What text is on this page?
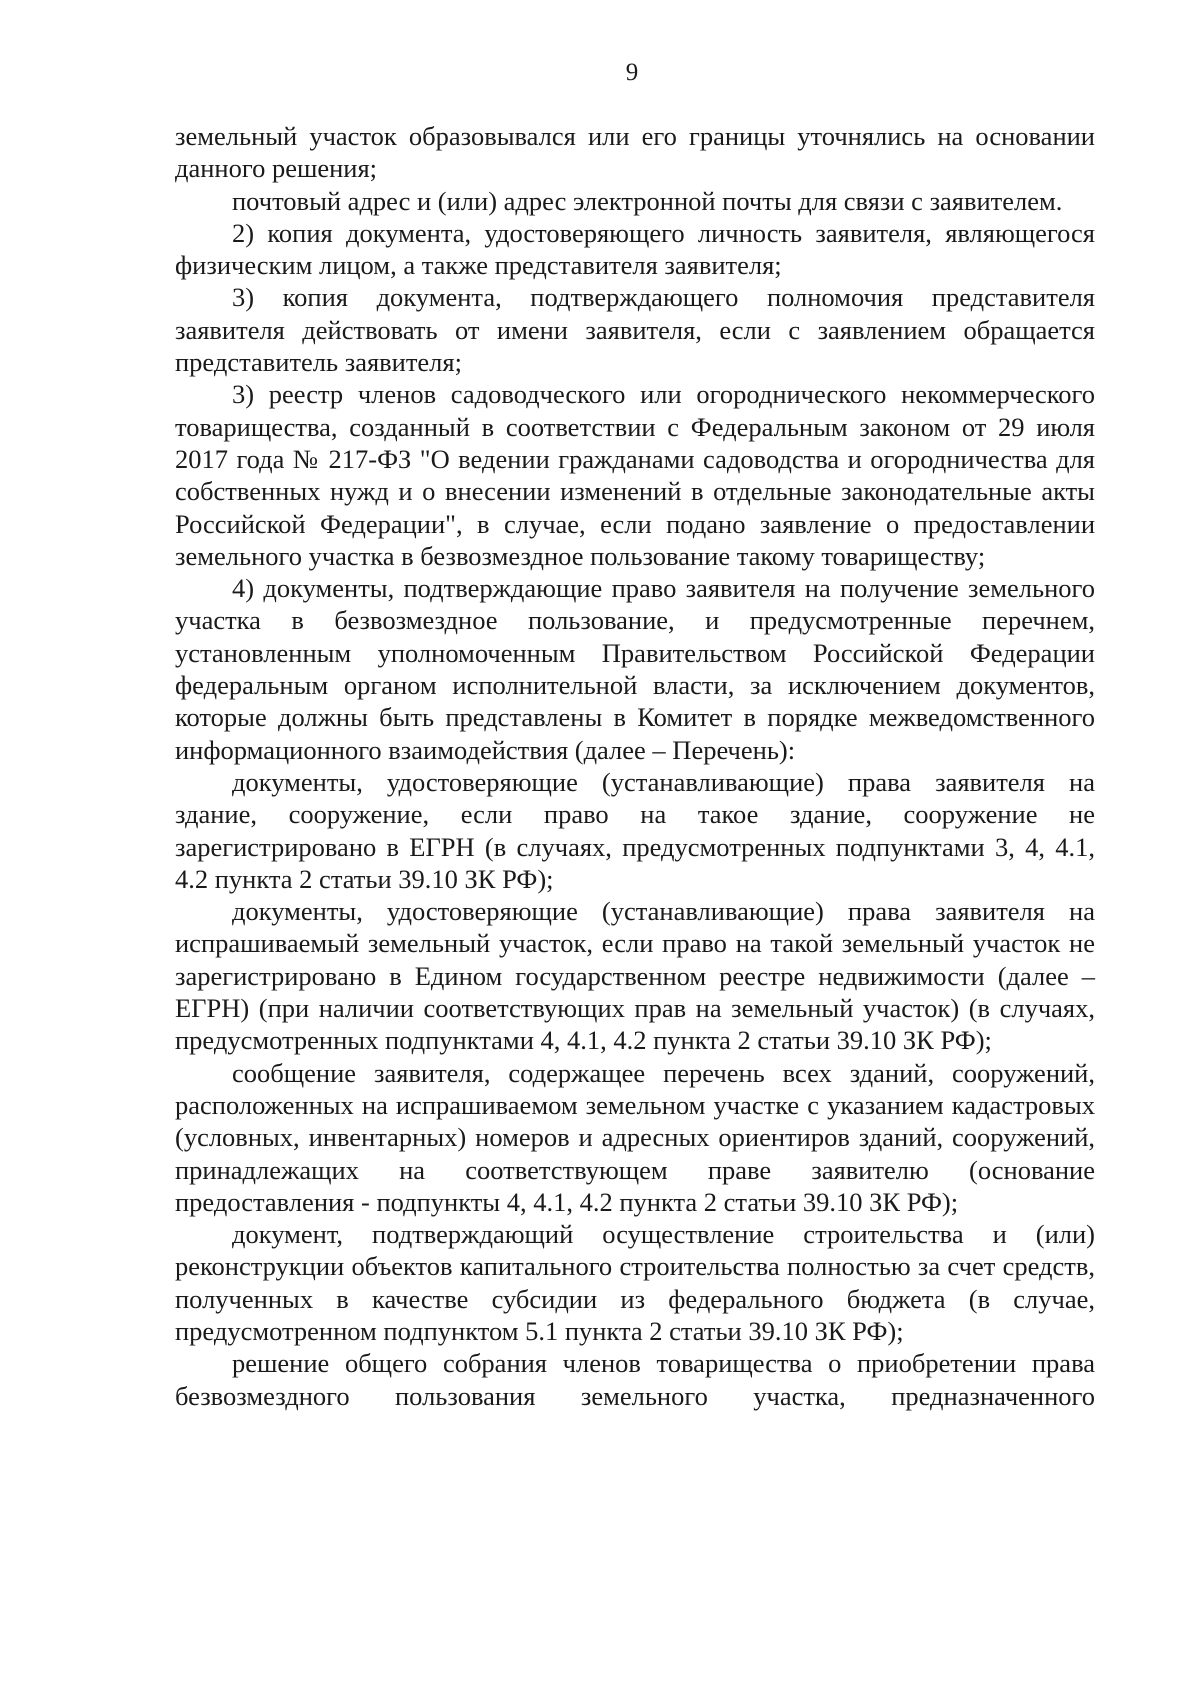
9

земельный участок образовывался или его границы уточнялись на основании данного решения;

почтовый адрес и (или) адрес электронной почты для связи с заявителем.

2) копия документа, удостоверяющего личность заявителя, являющегося физическим лицом, а также представителя заявителя;

3) копия документа, подтверждающего полномочия представителя заявителя действовать от имени заявителя, если с заявлением обращается представитель заявителя;

3) реестр членов садоводческого или огороднического некоммерческого товарищества, созданный в соответствии с Федеральным законом от 29 июля 2017 года № 217-ФЗ "О ведении гражданами садоводства и огородничества для собственных нужд и о внесении изменений в отдельные законодательные акты Российской Федерации", в случае, если подано заявление о предоставлении земельного участка в безвозмездное пользование такому товариществу;

4) документы, подтверждающие право заявителя на получение земельного участка в безвозмездное пользование, и предусмотренные перечнем, установленным уполномоченным Правительством Российской Федерации федеральным органом исполнительной власти, за исключением документов, которые должны быть представлены в Комитет в порядке межведомственного информационного взаимодействия (далее – Перечень):

документы, удостоверяющие (устанавливающие) права заявителя на здание, сооружение, если право на такое здание, сооружение не зарегистрировано в ЕГРН (в случаях, предусмотренных подпунктами 3, 4, 4.1, 4.2 пункта 2 статьи 39.10 ЗК РФ);

документы, удостоверяющие (устанавливающие) права заявителя на испрашиваемый земельный участок, если право на такой земельный участок не зарегистрировано в Едином государственном реестре недвижимости (далее – ЕГРН) (при наличии соответствующих прав на земельный участок) (в случаях, предусмотренных подпунктами 4, 4.1, 4.2 пункта 2 статьи 39.10 ЗК РФ);

сообщение заявителя, содержащее перечень всех зданий, сооружений, расположенных на испрашиваемом земельном участке с указанием кадастровых (условных, инвентарных) номеров и адресных ориентиров зданий, сооружений, принадлежащих на соответствующем праве заявителю (основание предоставления - подпункты 4, 4.1, 4.2 пункта 2 статьи 39.10 ЗК РФ);

документ, подтверждающий осуществление строительства и (или) реконструкции объектов капитального строительства полностью за счет средств, полученных в качестве субсидии из федерального бюджета (в случае, предусмотренном подпунктом 5.1 пункта 2 статьи 39.10 ЗК РФ);

решение общего собрания членов товарищества о приобретении права безвозмездного пользования земельного участка, предназначенного
